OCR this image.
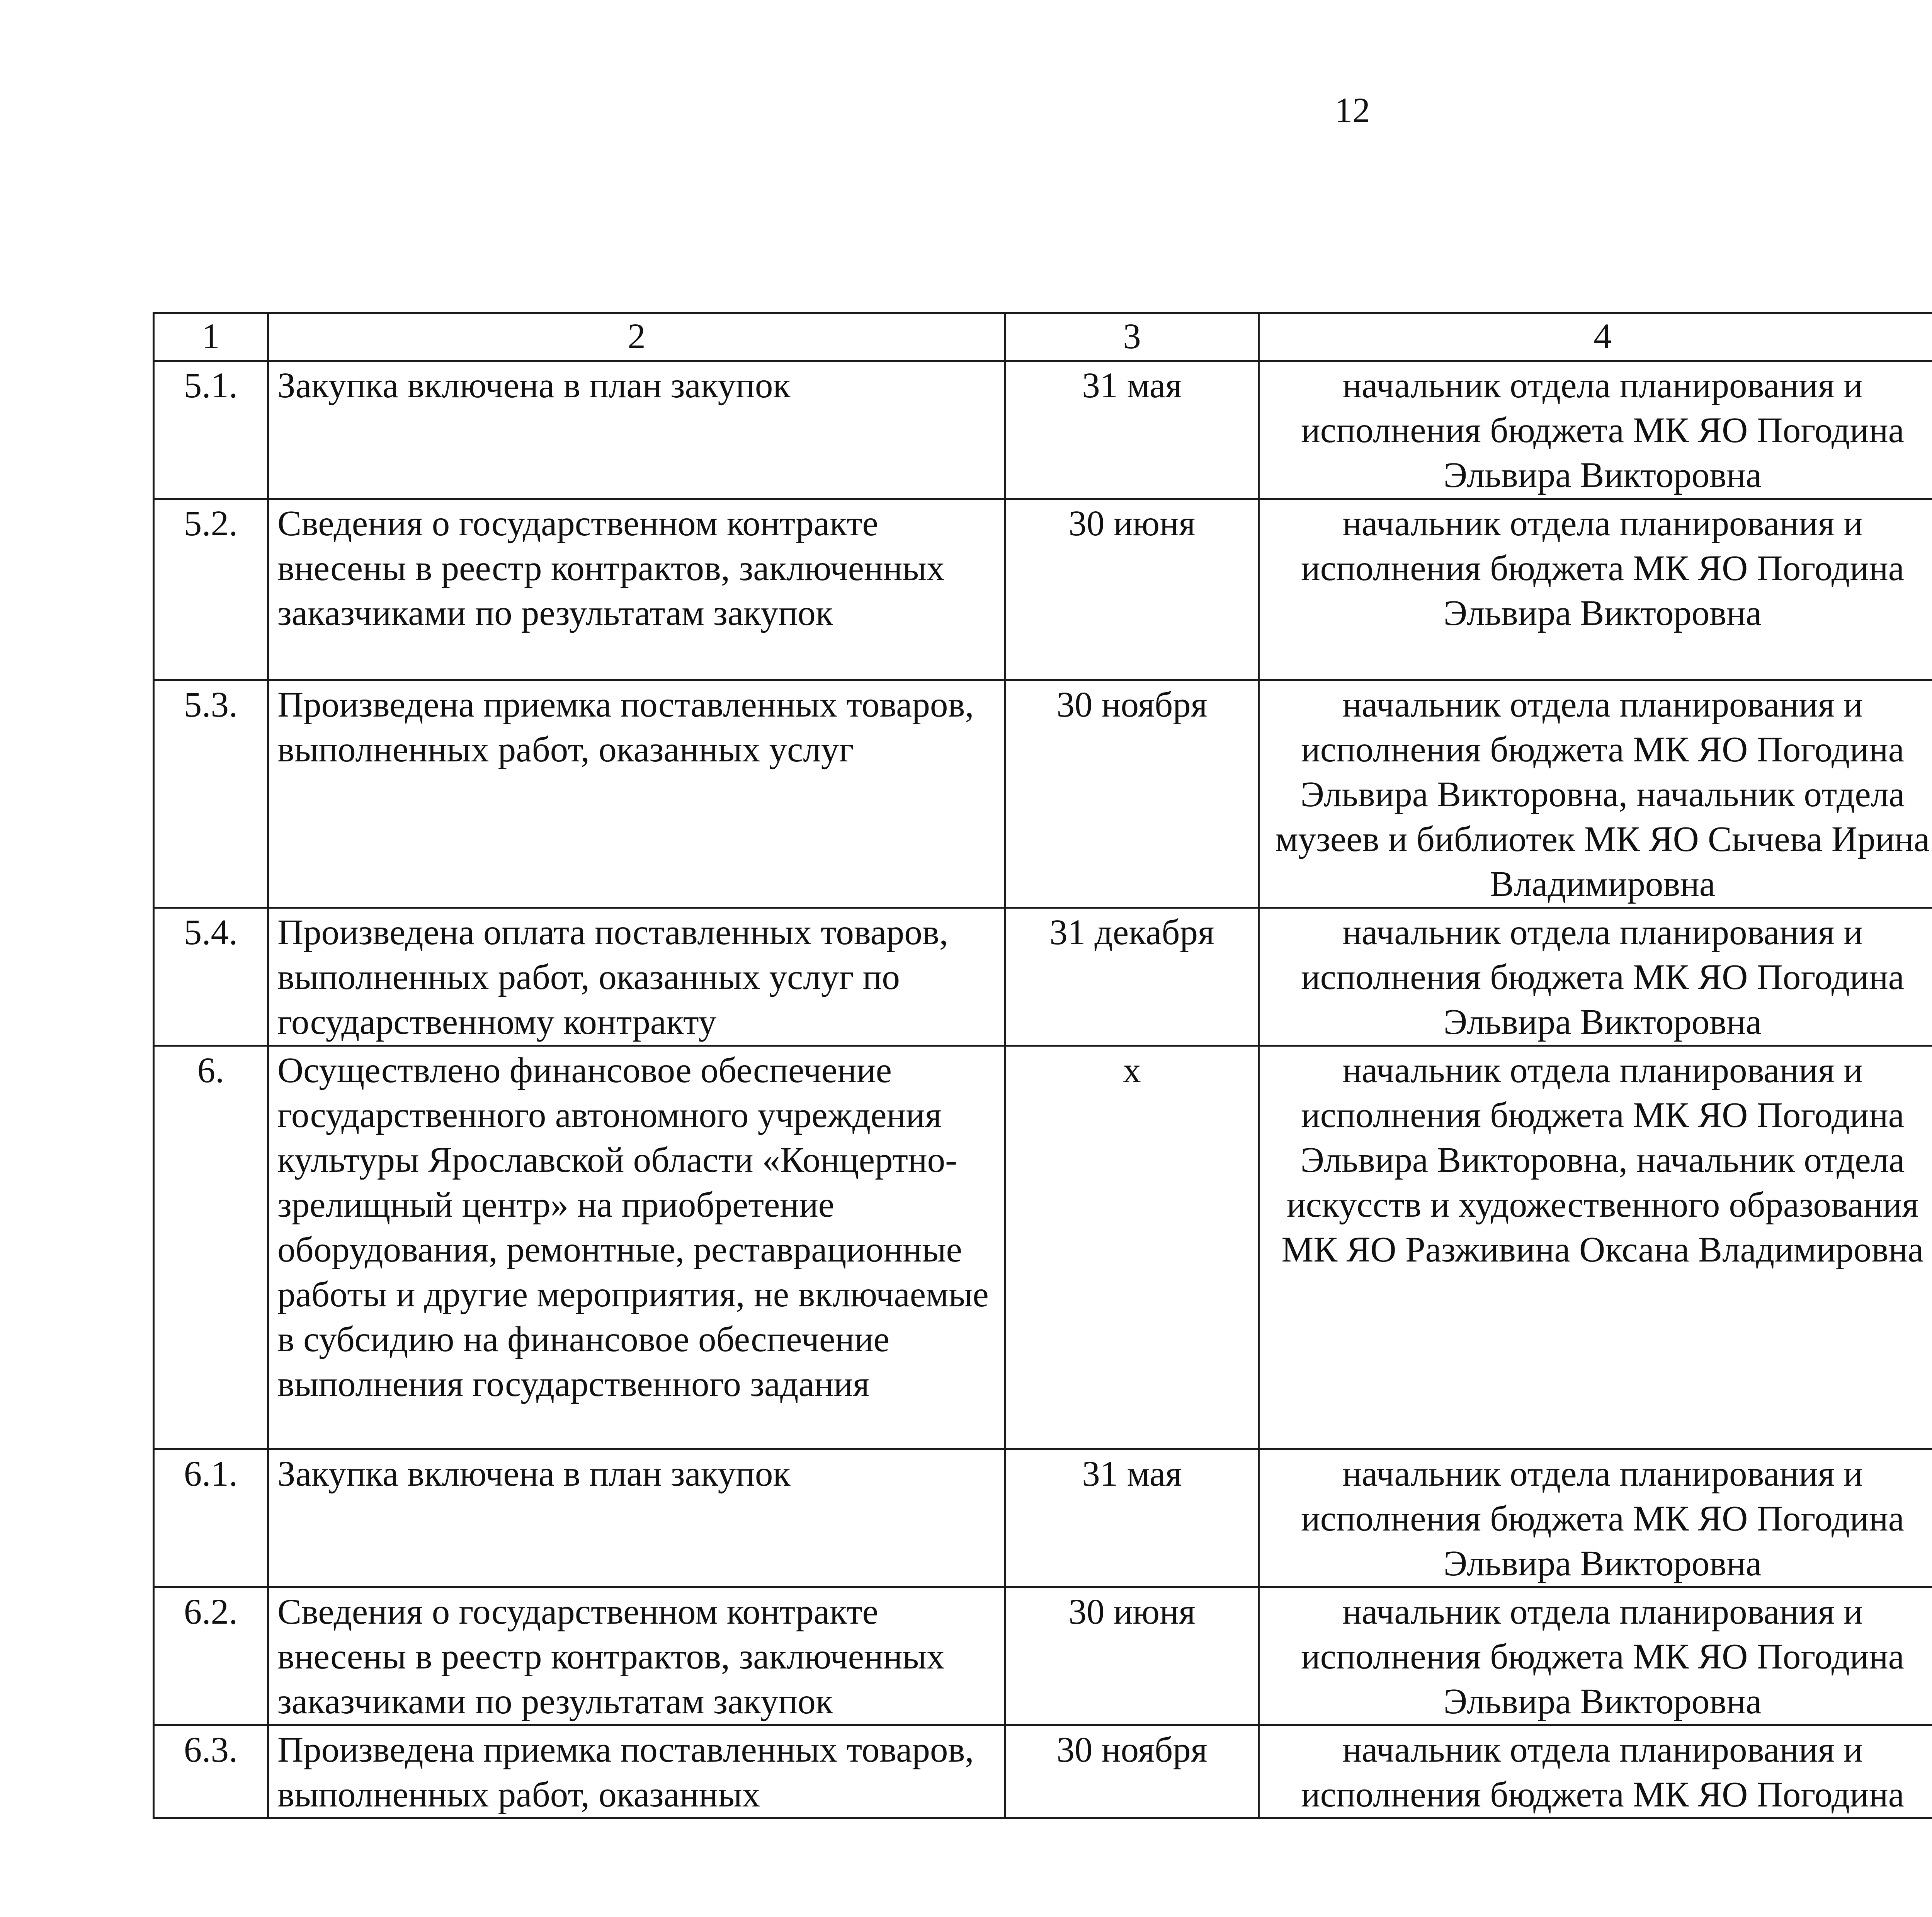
12
1	2	3	4		
5.1.	Закупка включена в план закупок	31 мая	начальник отдела планирования и исполнения бюджета МК ЯО Погодина Эльвира Викторовна		
5.2.	Сведения о государственном контракте внесены в реестр контрактов, заключенных заказчиками по результатам закупок	30 июня	начальник отдела планирования и исполнения бюджета МК ЯО Погодина Эльвира Викторовна		
5.3.	Произведена приемка поставленных товаров, выполненных работ, оказанных услуг	30 ноября	начальник отдела планирования и исполнения бюджета МК ЯО Погодина Эльвира Викторовна, начальник отдела музеев и библиотек МК ЯО Сычева Ирина Владимировна		
5.4.	Произведена оплата поставленных товаров, выполненных работ, оказанных услуг по государственному контракту	31 декабря	начальник отдела планирования и исполнения бюджета МК ЯО Погодина Эльвира Викторовна		
6.	Осуществлено финансовое обеспечение государственного автономного учреждения культуры Ярославской области «Концертно-зрелищный центр» на приобретение оборудования, ремонтные, реставрационные работы и другие мероприятия, не включаемые в субсидию на финансовое обеспечение выполнения государственного задания	х	начальник отдела планирования и исполнения бюджета МК ЯО Погодина Эльвира Викторовна, начальник отдела искусств и художественного образования МК ЯО Разживина Оксана Владимировна		
6.1.	Закупка включена в план закупок	31 мая	начальник отдела планирования и исполнения бюджета МК ЯО Погодина Эльвира Викторовна		
6.2.	Сведения о государственном контракте внесены в реестр контрактов, заключенных заказчиками по результатам закупок	30 июня	начальник отдела планирования и исполнения бюджета МК ЯО Погодина Эльвира Викторовна		
6.3.	Произведена приемка поставленных товаров, выполненных работ, оказанных	30 ноября	начальник отдела планирования и исполнения бюджета МК ЯО Погодина		
